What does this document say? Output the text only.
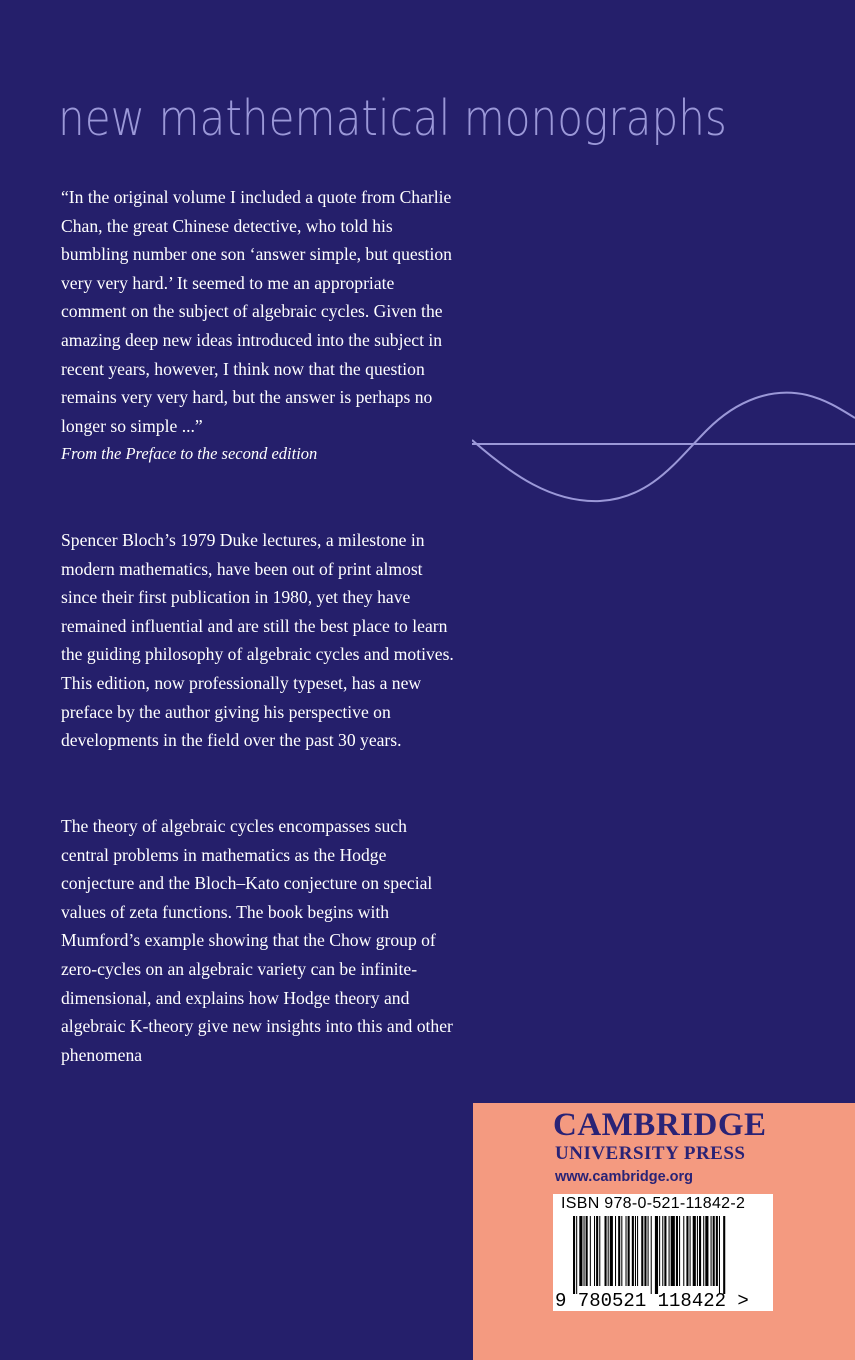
new mathematical monographs

“In the original volume I included a quote from Charlie Chan, the great Chinese detective, who told his bumbling number one son ‘answer simple, but question very very hard.’ It seemed to me an appropriate comment on the subject of algebraic cycles. Given the amazing deep new ideas introduced into the subject in recent years, however, I think now that the question remains very very hard, but the answer is perhaps no longer so simple ...”

From the Preface to the second edition

Spencer Bloch’s 1979 Duke lectures, a milestone in modern mathematics, have been out of print almost since their first publication in 1980, yet they have remained influential and are still the best place to learn the guiding philosophy of algebraic cycles and motives. This edition, now professionally typeset, has a new preface by the author giving his perspective on developments in the field over the past 30 years.

The theory of algebraic cycles encompasses such central problems in mathematics as the Hodge conjecture and the Bloch–Kato conjecture on special values of zeta functions. The book begins with Mumford’s example showing that the Chow group of zero-cycles on an algebraic variety can be infinite-dimensional, and explains how Hodge theory and algebraic K-theory give new insights into this and other phenomena

CAMBRIDGE
UNIVERSITY PRESS
www.cambridge.org
9 780521 118422 >
ISBN 978-0-521-11842-2
